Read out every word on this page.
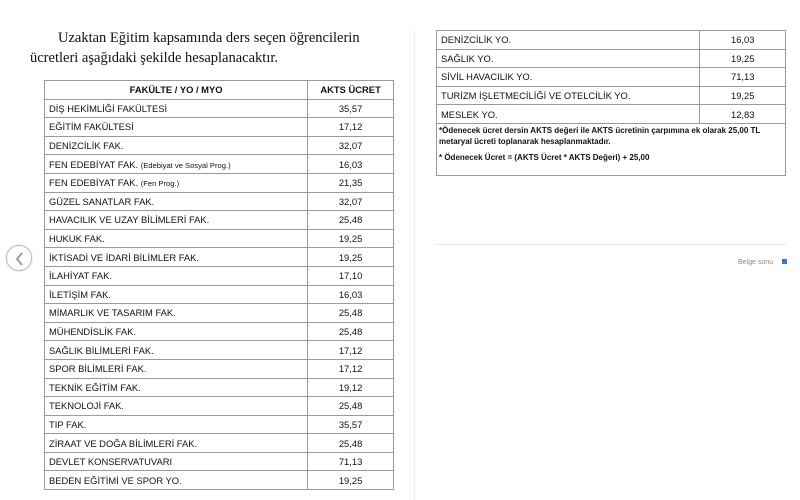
Uzaktan Eğitim kapsamında ders seçen öğrencilerin ücretleri aşağıdaki şekilde hesaplanacaktır.
FAKÜLTE / YO / MYO	AKTS ÜCRET
DİŞ HEKİMLİĞİ FAKÜLTESİ	35,57
EĞİTİM FAKÜLTESİ	17,12
DENİZCİLİK FAK.	32,07
FEN EDEBİYAT FAK. (Edebiyat ve Sosyal Prog.)	16,03
FEN EDEBİYAT FAK. (Fen Prog.)	21,35
GÜZEL SANATLAR FAK.	32,07
HAVACILIK VE UZAY BİLİMLERİ FAK.	25,48
HUKUK FAK.	19,25
İKTİSADİ VE İDARİ BİLİMLER FAK.	19,25
İLAHİYAT FAK.	17,10
İLETİŞİM FAK.	16,03
MİMARLIK VE TASARIM FAK.	25,48
MÜHENDİSLİK FAK.	25,48
SAĞLIK BİLİMLERİ FAK.	17,12
SPOR BİLİMLERİ FAK.	17,12
TEKNİK EĞİTİM FAK.	19,12
TEKNOLOJİ FAK.	25,48
TIP FAK.	35,57
ZİRAAT VE DOĞA BİLİMLERİ FAK.	25,48
DEVLET KONSERVATUVARI	71,13
BEDEN EĞİTİMİ VE SPOR YO.	19,25
DENİZCİLİK YO.	16,03
SAĞLIK YO.	19,25
SİVİL HAVACILIK YO.	71,13
TURİZM İŞLETMECİLİĞİ VE OTELCİLİK YO.	19,25
MESLEK YO.	12,83
*Ödenecek ücret dersin AKTS değeri ile AKTS ücretinin çarpımına ek olarak 25,00 TL metaryal ücreti toplanarak hesaplanmaktadır.
* Ödenecek Ücret = (AKTS Ücret * AKTS Değeri) + 25,00
Belge sonu
